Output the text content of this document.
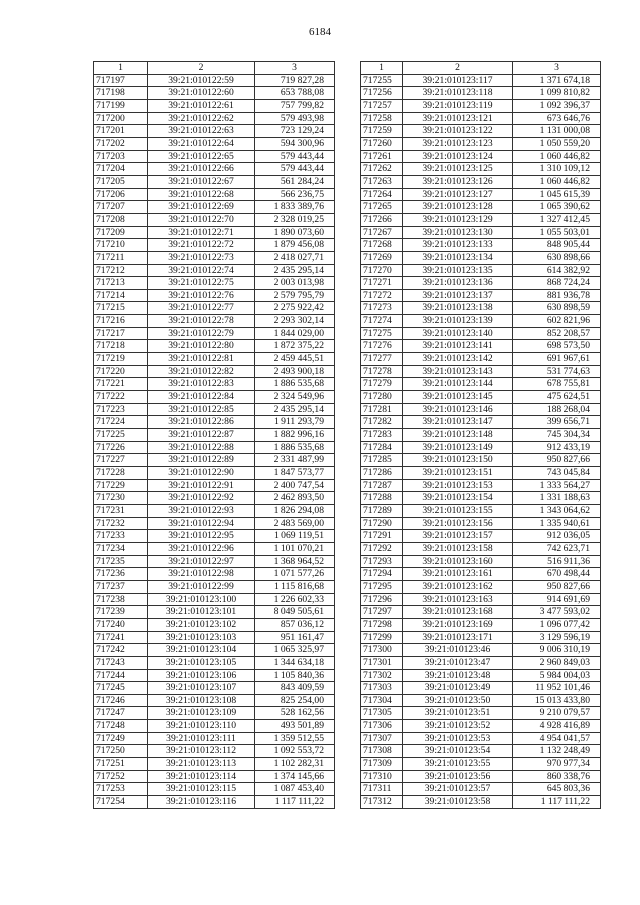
6184
1	2	3
717197	39:21:010122:59	719 827,28
717198	39:21:010122:60	653 788,08
717199	39:21:010122:61	757 799,82
717200	39:21:010122:62	579 493,98
717201	39:21:010122:63	723 129,24
717202	39:21:010122:64	594 300,96
717203	39:21:010122:65	579 443,44
717204	39:21:010122:66	579 443,44
717205	39:21:010122:67	561 284,24
717206	39:21:010122:68	566 236,75
717207	39:21:010122:69	1 833 389,76
717208	39:21:010122:70	2 328 019,25
717209	39:21:010122:71	1 890 073,60
717210	39:21:010122:72	1 879 456,08
717211	39:21:010122:73	2 418 027,71
717212	39:21:010122:74	2 435 295,14
717213	39:21:010122:75	2 003 013,98
717214	39:21:010122:76	2 579 795,79
717215	39:21:010122:77	2 275 922,42
717216	39:21:010122:78	2 293 302,14
717217	39:21:010122:79	1 844 029,00
717218	39:21:010122:80	1 872 375,22
717219	39:21:010122:81	2 459 445,51
717220	39:21:010122:82	2 493 900,18
717221	39:21:010122:83	1 886 535,68
717222	39:21:010122:84	2 324 549,96
717223	39:21:010122:85	2 435 295,14
717224	39:21:010122:86	1 911 293,79
717225	39:21:010122:87	1 882 996,16
717226	39:21:010122:88	1 886 535,68
717227	39:21:010122:89	2 331 487,99
717228	39:21:010122:90	1 847 573,77
717229	39:21:010122:91	2 400 747,54
717230	39:21:010122:92	2 462 893,50
717231	39:21:010122:93	1 826 294,08
717232	39:21:010122:94	2 483 569,00
717233	39:21:010122:95	1 069 119,51
717234	39:21:010122:96	1 101 070,21
717235	39:21:010122:97	1 368 964,52
717236	39:21:010122:98	1 071 577,26
717237	39:21:010122:99	1 115 816,68
717238	39:21:010123:100	1 226 602,33
717239	39:21:010123:101	8 049 505,61
717240	39:21:010123:102	857 036,12
717241	39:21:010123:103	951 161,47
717242	39:21:010123:104	1 065 325,97
717243	39:21:010123:105	1 344 634,18
717244	39:21:010123:106	1 105 840,36
717245	39:21:010123:107	843 409,59
717246	39:21:010123:108	825 254,00
717247	39:21:010123:109	528 162,56
717248	39:21:010123:110	493 501,89
717249	39:21:010123:111	1 359 512,55
717250	39:21:010123:112	1 092 553,72
717251	39:21:010123:113	1 102 282,31
717252	39:21:010123:114	1 374 145,66
717253	39:21:010123:115	1 087 453,40
717254	39:21:010123:116	1 117 111,22
1	2	3
717255	39:21:010123:117	1 371 674,18
717256	39:21:010123:118	1 099 810,82
717257	39:21:010123:119	1 092 396,37
717258	39:21:010123:121	673 646,76
717259	39:21:010123:122	1 131 000,08
717260	39:21:010123:123	1 050 559,20
717261	39:21:010123:124	1 060 446,82
717262	39:21:010123:125	1 310 109,12
717263	39:21:010123:126	1 060 446,82
717264	39:21:010123:127	1 045 615,39
717265	39:21:010123:128	1 065 390,62
717266	39:21:010123:129	1 327 412,45
717267	39:21:010123:130	1 055 503,01
717268	39:21:010123:133	848 905,44
717269	39:21:010123:134	630 898,66
717270	39:21:010123:135	614 382,92
717271	39:21:010123:136	868 724,24
717272	39:21:010123:137	881 936,78
717273	39:21:010123:138	630 898,59
717274	39:21:010123:139	602 821,96
717275	39:21:010123:140	852 208,57
717276	39:21:010123:141	698 573,50
717277	39:21:010123:142	691 967,61
717278	39:21:010123:143	531 774,63
717279	39:21:010123:144	678 755,81
717280	39:21:010123:145	475 624,51
717281	39:21:010123:146	188 268,04
717282	39:21:010123:147	399 656,71
717283	39:21:010123:148	745 304,34
717284	39:21:010123:149	912 433,19
717285	39:21:010123:150	950 827,66
717286	39:21:010123:151	743 045,84
717287	39:21:010123:153	1 333 564,27
717288	39:21:010123:154	1 331 188,63
717289	39:21:010123:155	1 343 064,62
717290	39:21:010123:156	1 335 940,61
717291	39:21:010123:157	912 036,05
717292	39:21:010123:158	742 623,71
717293	39:21:010123:160	516 911,36
717294	39:21:010123:161	670 498,44
717295	39:21:010123:162	950 827,66
717296	39:21:010123:163	914 691,69
717297	39:21:010123:168	3 477 593,02
717298	39:21:010123:169	1 096 077,42
717299	39:21:010123:171	3 129 596,19
717300	39:21:010123:46	9 006 310,19
717301	39:21:010123:47	2 960 849,03
717302	39:21:010123:48	5 984 004,03
717303	39:21:010123:49	11 952 101,46
717304	39:21:010123:50	15 013 433,80
717305	39:21:010123:51	9 210 079,57
717306	39:21:010123:52	4 928 416,89
717307	39:21:010123:53	4 954 041,57
717308	39:21:010123:54	1 132 248,49
717309	39:21:010123:55	970 977,34
717310	39:21:010123:56	860 338,76
717311	39:21:010123:57	645 803,36
717312	39:21:010123:58	1 117 111,22
